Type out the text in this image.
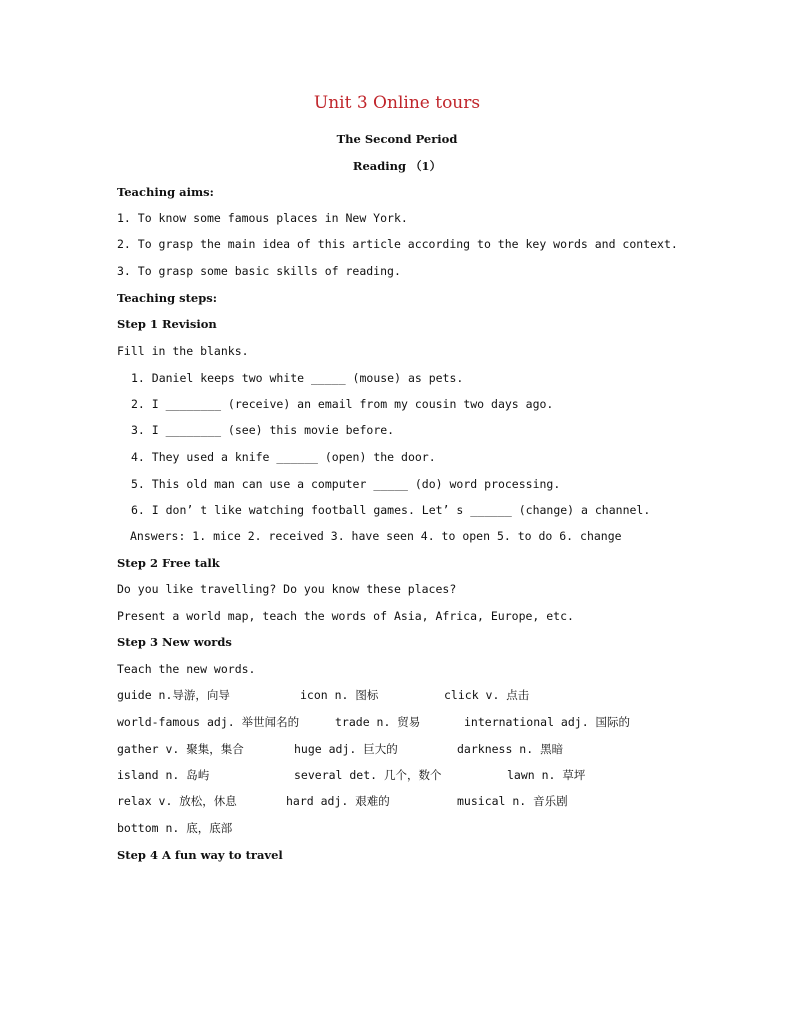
Unit 3 Online tours
The Second Period
Reading （1）
Teaching aims:
1. To know some famous places in New York.
2. To grasp the main idea of this article according to the key words and context.
3. To grasp some basic skills of reading.
Teaching steps:
Step 1 Revision
Fill in the blanks.
1. Daniel keeps two white _____ (mouse) as pets.
2. I ________ (receive) an email from my cousin two days ago.
3. I ________ (see) this movie before.
4. They used a knife ______ (open) the door.
5. This old man can use a computer _____ (do) word processing.
6. I don’ t like watching football games. Let’ s ______ (change) a channel.
Answers: 1. mice 2. received 3. have seen 4. to open 5. to do 6. change
Step 2 Free talk
Do you like travelling? Do you know these places?
Present a world map, teach the words of Asia, Africa, Europe, etc.
Step 3 New words
Teach the new words.
guide n.导游，向导	icon n. 图标	click v. 点击
world-famous adj. 举世闻名的	trade n. 贸易	international adj. 国际的
gather v. 聚集，集合	huge adj. 巨大的	darkness n. 黑暗
island n. 岛屿	several det. 几个，数个	lawn n. 草坪
relax v. 放松，休息	hard adj. 艰难的	musical n. 音乐剧
bottom n. 底，底部
Step 4 A fun way to travel
